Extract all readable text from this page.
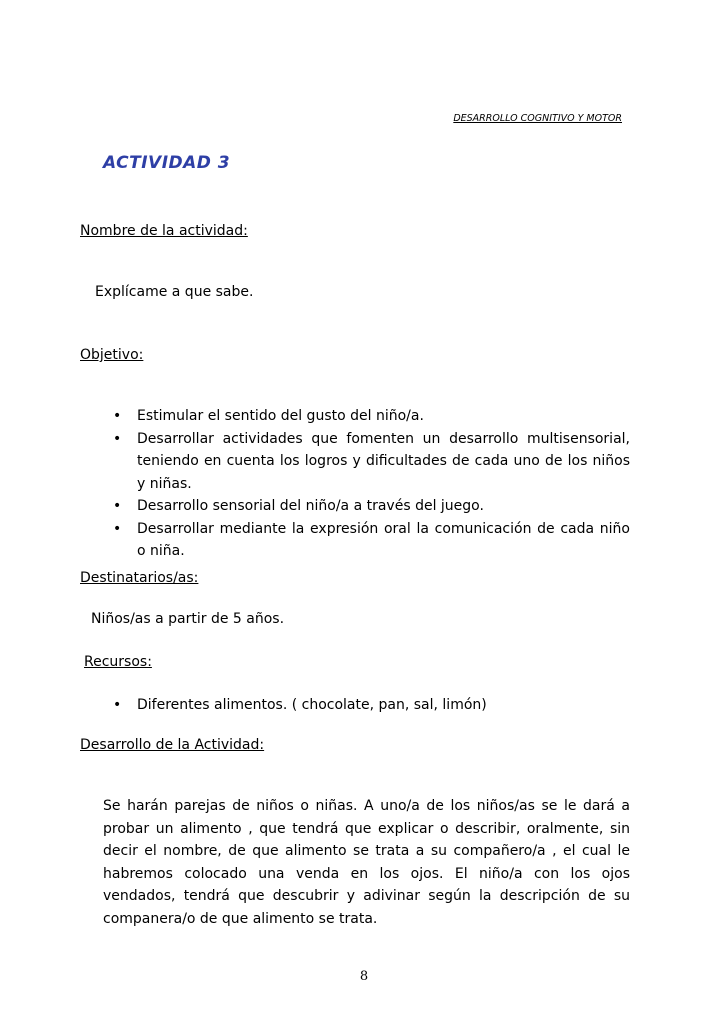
DESARROLLO COGNITIVO Y MOTOR
ACTIVIDAD 3
Nombre de la actividad:
Explícame a que sabe.
Objetivo:
• Estimular el sentido del gusto del niño/a.
• Desarrollar actividades que fomenten un desarrollo multisensorial, teniendo en cuenta los logros y dificultades de cada uno de los niños y niñas.
• Desarrollo sensorial del niño/a a través del juego.
• Desarrollar mediante la expresión oral la comunicación de cada niño o niña.
Destinatarios/as:
Niños/as a partir de 5 años.
Recursos:
• Diferentes alimentos. ( chocolate, pan, sal, limón)
Desarrollo de la Actividad:
Se harán parejas de niños o niñas. A uno/a de los niños/as se le dará a probar un alimento , que tendrá que explicar o describir, oralmente, sin decir el nombre, de que alimento se trata a su compañero/a , el cual le habremos colocado una venda en los ojos. El niño/a con los ojos vendados, tendrá que descubrir y adivinar según la descripción de su companera/o de que alimento se trata.
8
